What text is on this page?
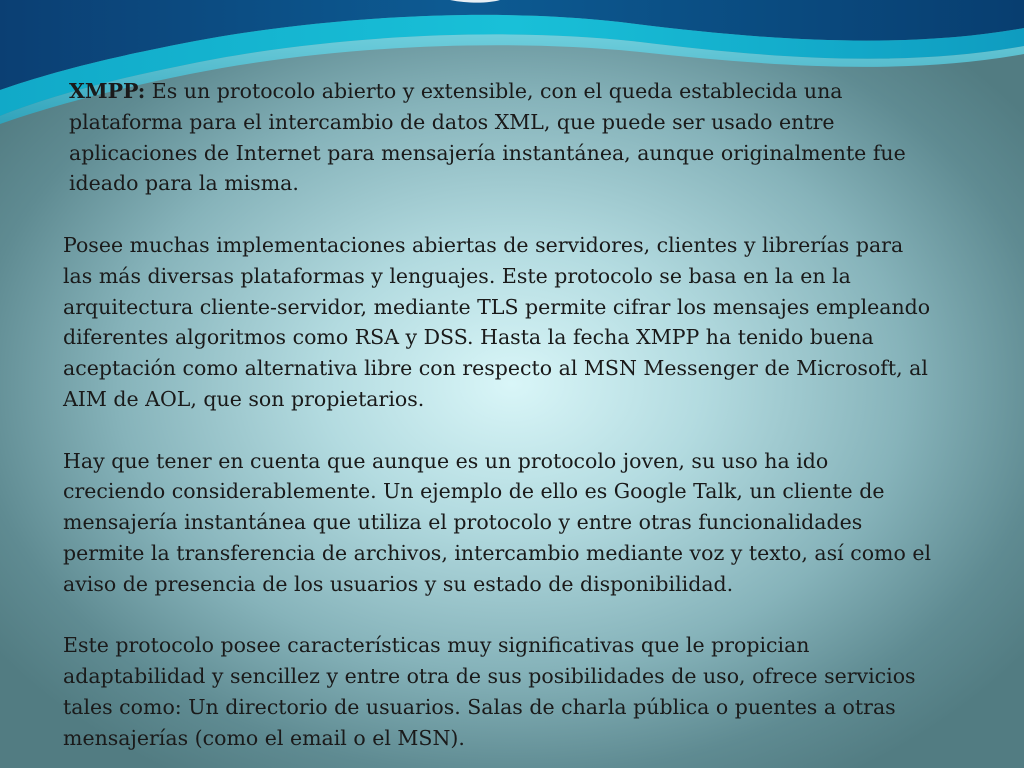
XMPP: Es un protocolo abierto y extensible, con el queda establecida una plataforma para el intercambio de datos XML, que puede ser usado entre aplicaciones de Internet para mensajería instantánea, aunque originalmente fue ideado para la misma.

Posee muchas implementaciones abiertas de servidores, clientes y librerías para las más diversas plataformas y lenguajes. Este protocolo se basa en la en la arquitectura cliente-servidor, mediante TLS permite cifrar los mensajes empleando diferentes algoritmos como RSA y DSS. Hasta la fecha XMPP ha tenido buena aceptación como alternativa libre con respecto al MSN Messenger de Microsoft, al AIM de AOL, que son propietarios.

Hay que tener en cuenta que aunque es un protocolo joven, su uso ha ido creciendo considerablemente. Un ejemplo de ello es Google Talk, un cliente de mensajería instantánea que utiliza el protocolo y entre otras funcionalidades permite la transferencia de archivos, intercambio mediante voz y texto, así como el aviso de presencia de los usuarios y su estado de disponibilidad.

Este protocolo posee características muy significativas que le propician adaptabilidad y sencillez y entre otra de sus posibilidades de uso, ofrece servicios tales como: Un directorio de usuarios. Salas de charla pública o puentes a otras mensajerías (como el email o el MSN).
